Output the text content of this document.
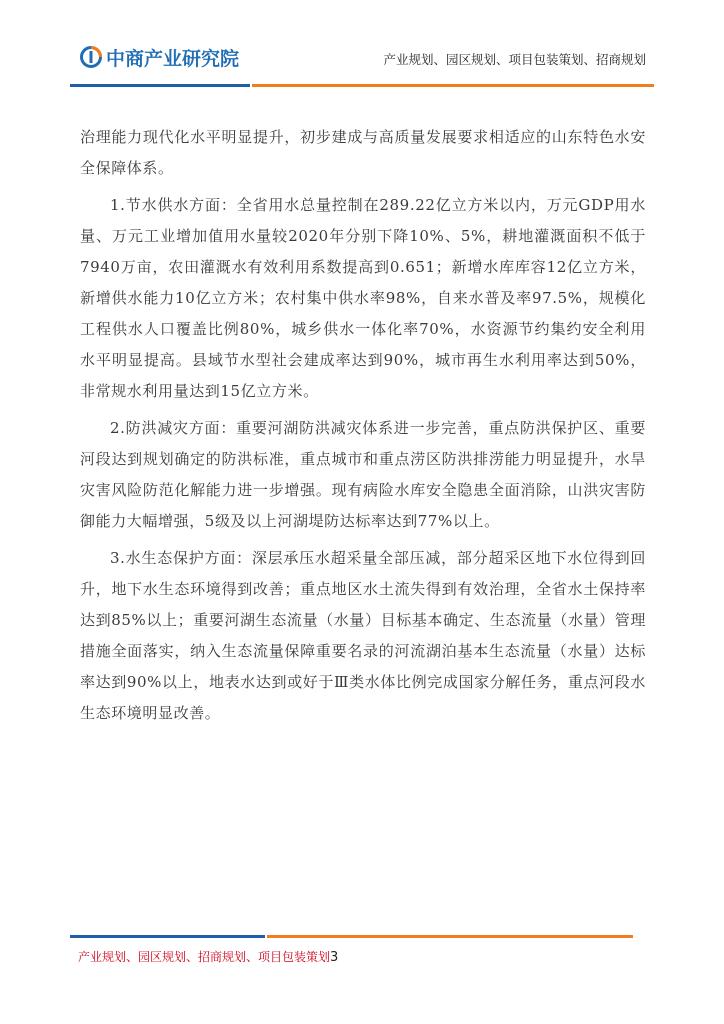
中商产业研究院	产业规划、园区规划、项目包装策划、招商规划

治理能力现代化水平明显提升，初步建成与高质量发展要求相适应的山东特色水安全保障体系。

1.节水供水方面：全省用水总量控制在289.22亿立方米以内，万元GDP用水量、万元工业增加值用水量较2020年分别下降10%、5%，耕地灌溉面积不低于7940万亩，农田灌溉水有效利用系数提高到0.651；新增水库库容12亿立方米，新增供水能力10亿立方米；农村集中供水率98%，自来水普及率97.5%，规模化工程供水人口覆盖比例80%，城乡供水一体化率70%，水资源节约集约安全利用水平明显提高。县域节水型社会建成率达到90%，城市再生水利用率达到50%，非常规水利用量达到15亿立方米。

2.防洪减灾方面：重要河湖防洪减灾体系进一步完善，重点防洪保护区、重要河段达到规划确定的防洪标准，重点城市和重点涝区防洪排涝能力明显提升，水旱灾害风险防范化解能力进一步增强。现有病险水库安全隐患全面消除，山洪灾害防御能力大幅增强，5级及以上河湖堤防达标率达到77%以上。

3.水生态保护方面：深层承压水超采量全部压减，部分超采区地下水位得到回升，地下水生态环境得到改善；重点地区水土流失得到有效治理，全省水土保持率达到85%以上；重要河湖生态流量（水量）目标基本确定、生态流量（水量）管理措施全面落实，纳入生态流量保障重要名录的河流湖泊基本生态流量（水量）达标率达到90%以上，地表水达到或好于Ⅲ类水体比例完成国家分解任务，重点河段水生态环境明显改善。

产业规划、园区规划、招商规划、项目包装策划3
